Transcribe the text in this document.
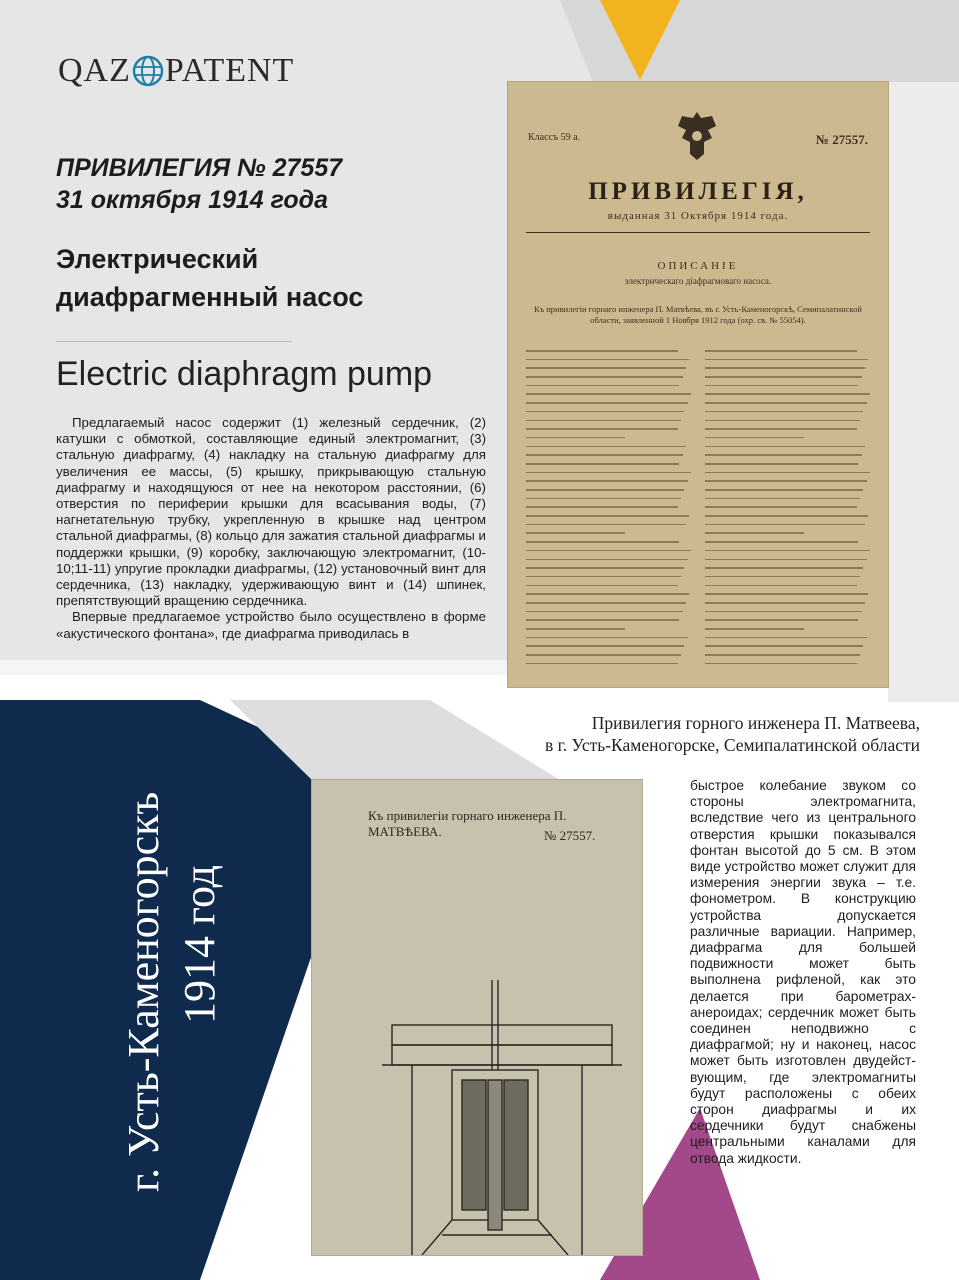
QAZ PATENT
ПРИВИЛЕГИЯ № 27557
31 октября 1914 года
Электрический
диафрагменный насос
Electric diaphragm pump

Предлагаемый насос содержит (1) железный сердечник, (2) катушки с обмоткой, составляющие единый электромагнит, (3) стальную диафрагму, (4) накладку на стальную диафрагму для увеличения ее массы, (5) крышку, прикрывающую стальную диафрагму и находящуюся от нее на некотором расстоянии, (6) отверстия по периферии крышки для всасывания воды, (7) нагнетательную трубку, укрепленную в крышке над центром стальной диафрагмы, (8) кольцо для зажатия стальной диафрагмы и поддержки крышки, (9) коробку, заключающую электромагнит, (10-10;11-11) упругие прокладки диафрагмы, (12) установочный винт для сердечника, (13) накладку, удерживающую винт и (14) шпинек, препятствующий вращению сердечника.

Впервые предлагаемое устройство было осуществлено в форме «акустического фонтана», где диафрагма приводилась в

Классъ 59 а.	№ 27557.
ПРИВИЛЕГІЯ,
выданная 31 Октября 1914 года.
ОПИСАНІЕ
электрическаго діафрагмоваго насоса.
Къ привилегіи горнаго инженера П. Матвѣева, въ г. Усть-Каменогорскѣ, Семипалатинской области, заявленной 1 Ноября 1912 года (охр. св. № 55054).
Привилегия горного инженера П. Матвеева,
в г. Усть-Каменогорске, Семипалатинской области
быстрое колебание звуком со стороны электромагнита, вследствие чего из центрального отверстия крышки показывался фонтан высотой до 5 см. В этом виде устройство может служит для измерения энергии звука – т.е. фонометром. В конструкцию устройства допускается различные вариации. Например, диафрагма для большей подвижности может быть выполнена рифленой, как это делается при барометрах-анероидах; сердечник может быть соединен неподвижно с диафрагмой; ну и наконец, насос может быть изготовлен двудействующим, где электромагниты будут расположены с обеих сторон диафрагмы и их сердечники будут снабжены центральными каналами для отвода жидкости.
Къ привилегіи горнаго инженера П. МАТВѢЕВА.	№ 27557.
г. Усть-Каменогорскъ 1914 год
